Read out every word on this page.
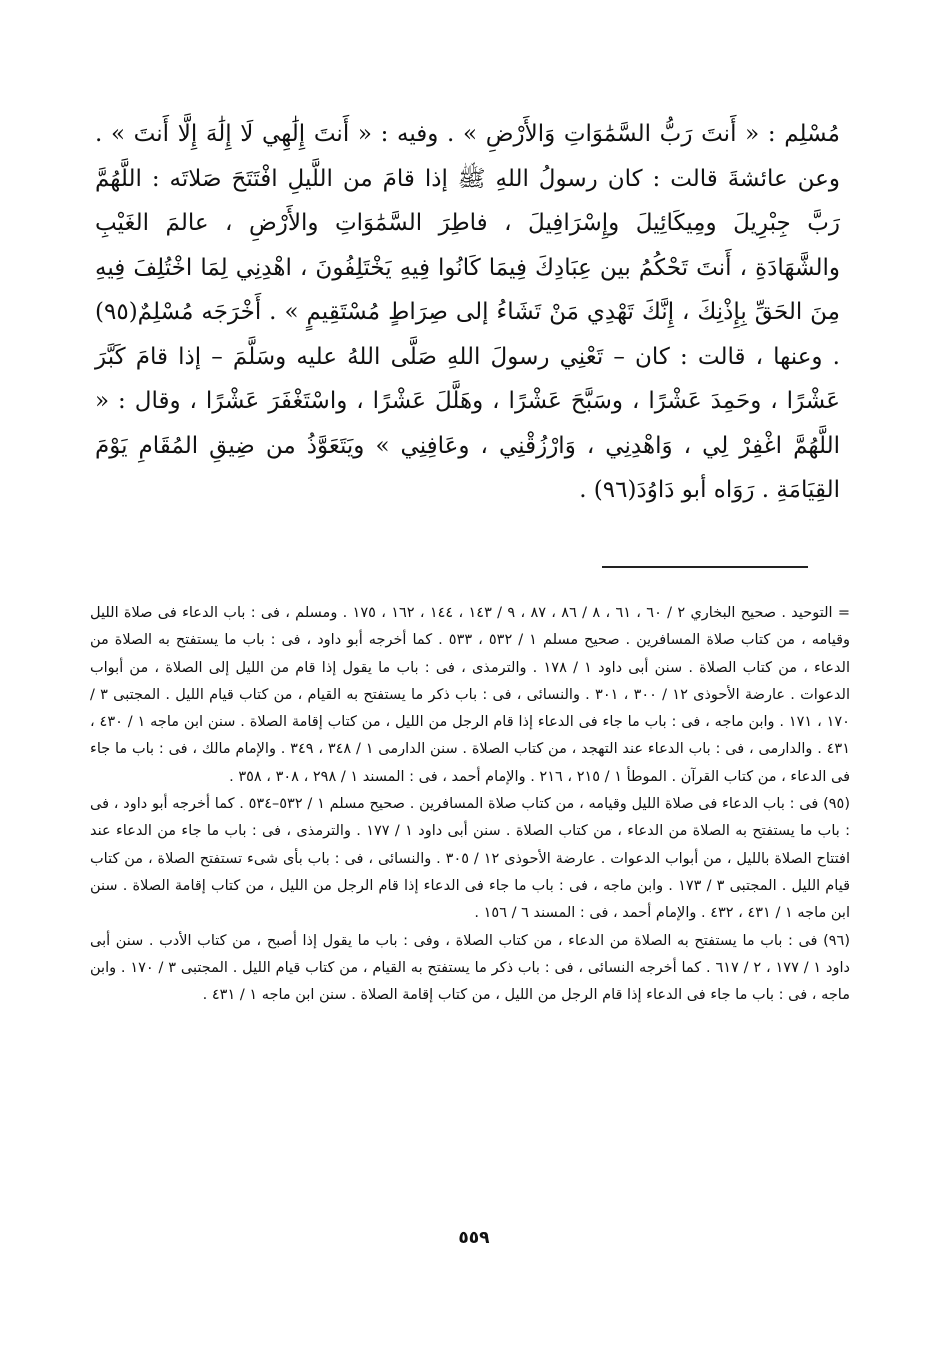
مُسْلِم : « أَنتَ رَبُّ السَّمَٰوَاتِ وَالأَرْضِ » . وفيه : « أَنتَ إِلَٰهِي لَا إِلَٰهَ إِلَّا أَنتَ » . وعن عائشةَ قالت : كان رسولُ اللهِ ﷺ إذا قامَ من اللَّيلِ افْتَتَحَ صَلاتَه : اللَّهُمَّ رَبَّ جِبْرِيلَ ومِيكَائِيلَ وإِسْرَافِيلَ ، فاطِرَ السَّمَٰوَاتِ والأَرْضِ ، عالمَ الغَيْبِ والشَّهَادَةِ ، أَنتَ تَحْكُمُ بين عِبَادِكَ فِيمَا كَانُوا فِيهِ يَخْتَلِفُونَ ، اهْدِنِي لِمَا اخْتُلِفَ فِيهِ مِنَ الحَقِّ بِإِذْنِكَ ، إِنَّكَ تَهْدِي مَنْ تَشَاءُ إلى صِرَاطٍ مُسْتَقِيمٍ » . أَخْرَجَه مُسْلِمٌ(٩٥) . وعنها ، قالت : كان – تَعْنِي رسولَ اللهِ صَلَّى اللهُ عليه وسَلَّمَ – إذا قامَ كَبَّرَ عَشْرًا ، وحَمِدَ عَشْرًا ، وسَبَّحَ عَشْرًا ، وهَلَّلَ عَشْرًا ، واسْتَغْفَرَ عَشْرًا ، وقال : « اللَّهُمَّ اغْفِرْ لِي ، وَاهْدِنِي ، وَارْزُقْنِي ، وعَافِنِي » ويَتَعَوَّذُ من ضِيقِ المُقَامِ يَوْمَ القِيَامَةِ . رَوَاه أبو دَاوُدَ(٩٦) .

= التوحيد . صحيح البخاري ٢ / ٦٠ ، ٦١ ، ٨ / ٨٦ ، ٨٧ ، ٩ / ١٤٣ ، ١٤٤ ، ١٦٢ ، ١٧٥ . ومسلم ، فى : باب الدعاء فى صلاة الليل وقيامه ، من كتاب صلاة المسافرين . صحيح مسلم ١ / ٥٣٢ ، ٥٣٣ . كما أخرجه أبو داود ، فى : باب ما يستفتح به الصلاة من الدعاء ، من كتاب الصلاة . سنن أبى داود ١ / ١٧٨ . والترمذى ، فى : باب ما يقول إذا قام من الليل إلى الصلاة ، من أبواب الدعوات . عارضة الأحوذى ١٢ / ٣٠٠ ، ٣٠١ . والنسائى ، فى : باب ذكر ما يستفتح به القيام ، من كتاب قيام الليل . المجتبى ٣ / ١٧٠ ، ١٧١ . وابن ماجه ، فى : باب ما جاء فى الدعاء إذا قام الرجل من الليل ، من كتاب إقامة الصلاة . سنن ابن ماجه ١ / ٤٣٠ ، ٤٣١ . والدارمى ، فى : باب الدعاء عند التهجد ، من كتاب الصلاة . سنن الدارمى ١ / ٣٤٨ ، ٣٤٩ . والإمام مالك ، فى : باب ما جاء فى الدعاء ، من كتاب القرآن . الموطأ ١ / ٢١٥ ، ٢١٦ . والإمام أحمد ، فى : المسند ١ / ٢٩٨ ، ٣٠٨ ، ٣٥٨ .

(٩٥) فى : باب الدعاء فى صلاة الليل وقيامه ، من كتاب صلاة المسافرين . صحيح مسلم ١ / ٥٣٢–٥٣٤ . كما أخرجه أبو داود ، فى : باب ما يستفتح به الصلاة من الدعاء ، من كتاب الصلاة . سنن أبى داود ١ / ١٧٧ . والترمذى ، فى : باب ما جاء من الدعاء عند افتتاح الصلاة بالليل ، من أبواب الدعوات . عارضة الأحوذى ١٢ / ٣٠٥ . والنسائى ، فى : باب بأى شىء تستفتح الصلاة ، من كتاب قيام الليل . المجتبى ٣ / ١٧٣ . وابن ماجه ، فى : باب ما جاء فى الدعاء إذا قام الرجل من الليل ، من كتاب إقامة الصلاة . سنن ابن ماجه ١ / ٤٣١ ، ٤٣٢ . والإمام أحمد ، فى : المسند ٦ / ١٥٦ .

(٩٦) فى : باب ما يستفتح به الصلاة من الدعاء ، من كتاب الصلاة ، وفى : باب ما يقول إذا أصبح ، من كتاب الأدب . سنن أبى داود ١ / ١٧٧ ، ٢ / ٦١٧ . كما أخرجه النسائى ، فى : باب ذكر ما يستفتح به القيام ، من كتاب قيام الليل . المجتبى ٣ / ١٧٠ . وابن ماجه ، فى : باب ما جاء فى الدعاء إذا قام الرجل من الليل ، من كتاب إقامة الصلاة . سنن ابن ماجه ١ / ٤٣١ .

٥٥٩
